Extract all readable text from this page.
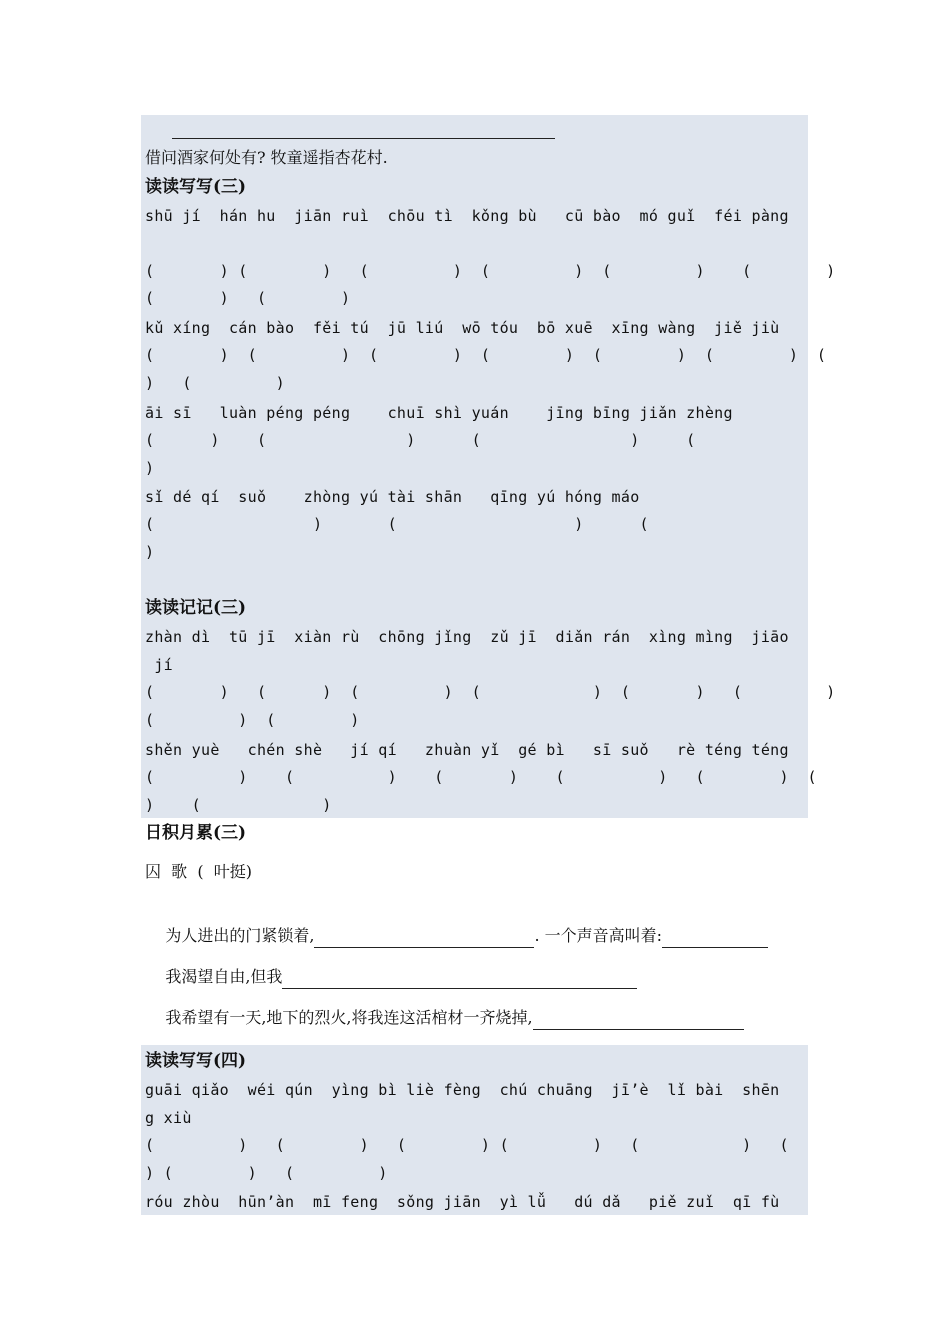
借问酒家何处有? 牧童遥指杏花村.
读读写写(三)
shū jí  hán hu  jiān ruì  chōu tì  kǒng bù   cū bào  mó guǐ  féi pàng
(       ) (        )   (         )  (         )  (         )    (        )
(       )   (        )
kǔ xíng  cán bào  fěi tú  jū liú  wō tóu  bō xuē  xīng wàng  jiě jiù
(       )  (         )  (        )  (        )  (        )  (        )  (
)   (         )
āi sī   luàn péng péng    chuī shì yuán    jīng bīng jiǎn zhèng
(      )    (               )      (                )     (
)
sǐ dé qí  suǒ    zhòng yú tài shān   qīng yú hóng máo
(                 )       (                   )      (
)
读读记记(三)
zhàn dì  tū jī  xiàn rù  chōng jǐng  zǔ jī  diǎn rán  xìng mìng  jiāo
jí
(       )   (      )  (         )  (            )  (       )   (         )
(         )  (        )
shěn yuè   chén shè   jí qí   zhuàn yǐ  gé bì   sī suǒ   rè téng téng
(         )    (          )    (       )    (          )   (        )  (
)    (             )
日积月累(三)
囚  歌  (  叶挺)

为人进出的门紧锁着,	. 一个声音高叫着:

我渴望自由,但我

我希望有一天,地下的烈火,将我连这活棺材一齐烧掉,

读读写写(四)
guāi qiǎo  wéi qún  yìng bì liè fèng  chú chuāng  jī’è  lǐ bài  shēn
g xiù
(         )   (        )   (        ) (         )   (           )   (
) (        )   (         )
róu zhòu  hūn’àn  mī feng  sǒng jiān  yì lǚ   dú dǎ   piě zuǐ  qī fù
